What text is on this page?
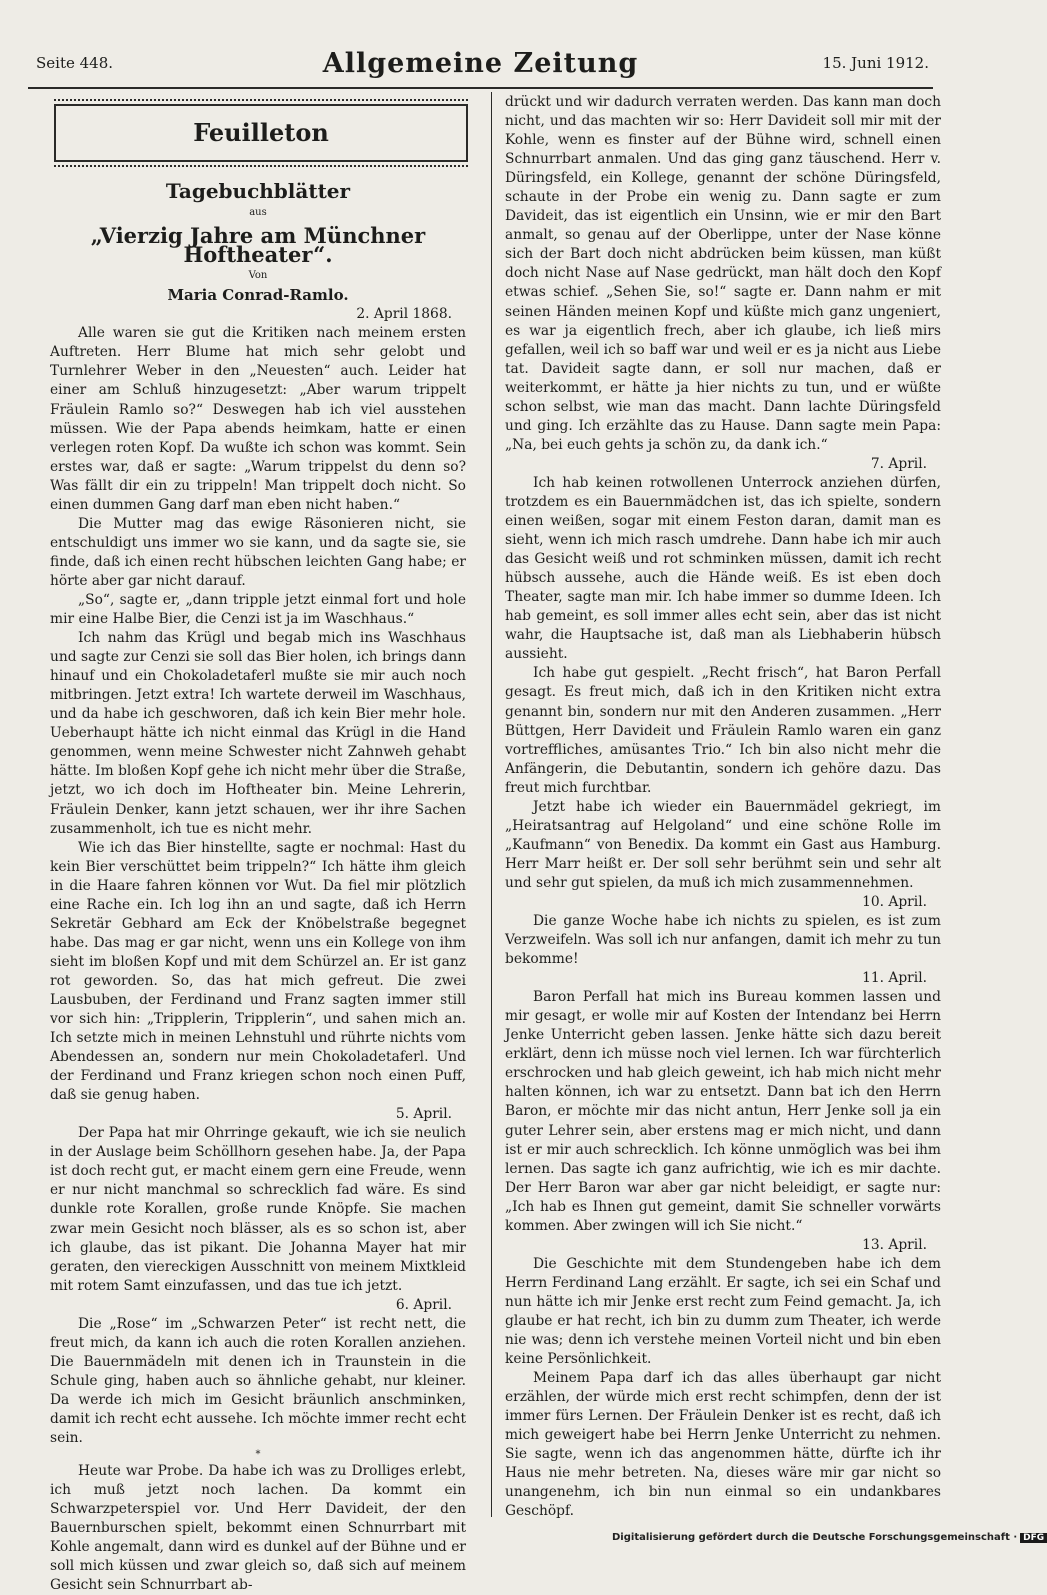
Seite 448.	Allgemeine Zeitung	15. Juni 1912.
Feuilleton
Tagebuchblätter
aus
„Vierzig Jahre am Münchner Hoftheater“.
Von
Maria Conrad-Ramlo.

2. April 1868.

Alle waren sie gut die Kritiken nach meinem ersten Auftreten. Herr Blume hat mich sehr gelobt und Turnlehrer Weber in den „Neuesten“ auch. Leider hat einer am Schluß hinzugesetzt: „Aber warum trippelt Fräulein Ramlo so?“ Deswegen hab ich viel ausstehen müssen. Wie der Papa abends heimkam, hatte er einen verlegen roten Kopf. Da wußte ich schon was kommt. Sein erstes war, daß er sagte: „Warum trippelst du denn so? Was fällt dir ein zu trippeln! Man trippelt doch nicht. So einen dummen Gang darf man eben nicht haben.“

Die Mutter mag das ewige Räsonieren nicht, sie entschuldigt uns immer wo sie kann, und da sagte sie, sie finde, daß ich einen recht hübschen leichten Gang habe; er hörte aber gar nicht darauf.

„So“, sagte er, „dann tripple jetzt einmal fort und hole mir eine Halbe Bier, die Cenzi ist ja im Waschhaus.“

Ich nahm das Krügl und begab mich ins Waschhaus und sagte zur Cenzi sie soll das Bier holen, ich brings dann hinauf und ein Chokoladetaferl mußte sie mir auch noch mitbringen. Jetzt extra! Ich wartete derweil im Waschhaus, und da habe ich geschworen, daß ich kein Bier mehr hole. Ueberhaupt hätte ich nicht einmal das Krügl in die Hand genommen, wenn meine Schwester nicht Zahnweh gehabt hätte. Im bloßen Kopf gehe ich nicht mehr über die Straße, jetzt, wo ich doch im Hoftheater bin. Meine Lehrerin, Fräulein Denker, kann jetzt schauen, wer ihr ihre Sachen zusammenholt, ich tue es nicht mehr.

Wie ich das Bier hinstellte, sagte er nochmal: Hast du kein Bier verschüttet beim trippeln?“ Ich hätte ihm gleich in die Haare fahren können vor Wut. Da fiel mir plötzlich eine Rache ein. Ich log ihn an und sagte, daß ich Herrn Sekretär Gebhard am Eck der Knöbelstraße begegnet habe. Das mag er gar nicht, wenn uns ein Kollege von ihm sieht im bloßen Kopf und mit dem Schürzel an. Er ist ganz rot geworden. So, das hat mich gefreut. Die zwei Lausbuben, der Ferdinand und Franz sagten immer still vor sich hin: „Tripplerin, Tripplerin“, und sahen mich an. Ich setzte mich in meinen Lehnstuhl und rührte nichts vom Abendessen an, sondern nur mein Chokoladetaferl. Und der Ferdinand und Franz kriegen schon noch einen Puff, daß sie genug haben.

5. April.

Der Papa hat mir Ohrringe gekauft, wie ich sie neulich in der Auslage beim Schöllhorn gesehen habe. Ja, der Papa ist doch recht gut, er macht einem gern eine Freude, wenn er nur nicht manchmal so schrecklich fad wäre. Es sind dunkle rote Korallen, große runde Knöpfe. Sie machen zwar mein Gesicht noch blässer, als es so schon ist, aber ich glaube, das ist pikant. Die Johanna Mayer hat mir geraten, den viereckigen Ausschnitt von meinem Mixtkleid mit rotem Samt einzufassen, und das tue ich jetzt.

6. April.

Die „Rose“ im „Schwarzen Peter“ ist recht nett, die freut mich, da kann ich auch die roten Korallen anziehen. Die Bauernmädeln mit denen ich in Traunstein in die Schule ging, haben auch so ähnliche gehabt, nur kleiner. Da werde ich mich im Gesicht bräunlich anschminken, damit ich recht echt aussehe. Ich möchte immer recht echt sein.

*

Heute war Probe. Da habe ich was zu Drolliges erlebt, ich muß jetzt noch lachen. Da kommt ein Schwarzpeterspiel vor. Und Herr Davideit, der den Bauernburschen spielt, bekommt einen Schnurrbart mit Kohle angemalt, dann wird es dunkel auf der Bühne und er soll mich küssen und zwar gleich so, daß sich auf meinem Gesicht sein Schnurrbart ab-

drückt und wir dadurch verraten werden. Das kann man doch nicht, und das machten wir so: Herr Davideit soll mir mit der Kohle, wenn es finster auf der Bühne wird, schnell einen Schnurrbart anmalen. Und das ging ganz täuschend. Herr v. Düringsfeld, ein Kollege, genannt der schöne Düringsfeld, schaute in der Probe ein wenig zu. Dann sagte er zum Davideit, das ist eigentlich ein Unsinn, wie er mir den Bart anmalt, so genau auf der Oberlippe, unter der Nase könne sich der Bart doch nicht abdrücken beim küssen, man küßt doch nicht Nase auf Nase gedrückt, man hält doch den Kopf etwas schief. „Sehen Sie, so!“ sagte er. Dann nahm er mit seinen Händen meinen Kopf und küßte mich ganz ungeniert, es war ja eigentlich frech, aber ich glaube, ich ließ mirs gefallen, weil ich so baff war und weil er es ja nicht aus Liebe tat. Davideit sagte dann, er soll nur machen, daß er weiterkommt, er hätte ja hier nichts zu tun, und er wüßte schon selbst, wie man das macht. Dann lachte Düringsfeld und ging. Ich erzählte das zu Hause. Dann sagte mein Papa: „Na, bei euch gehts ja schön zu, da dank ich.“

7. April.

Ich hab keinen rotwollenen Unterrock anziehen dürfen, trotzdem es ein Bauernmädchen ist, das ich spielte, sondern einen weißen, sogar mit einem Feston daran, damit man es sieht, wenn ich mich rasch umdrehe. Dann habe ich mir auch das Gesicht weiß und rot schminken müssen, damit ich recht hübsch aussehe, auch die Hände weiß. Es ist eben doch Theater, sagte man mir. Ich habe immer so dumme Ideen. Ich hab gemeint, es soll immer alles echt sein, aber das ist nicht wahr, die Hauptsache ist, daß man als Liebhaberin hübsch aussieht.

Ich habe gut gespielt. „Recht frisch“, hat Baron Perfall gesagt. Es freut mich, daß ich in den Kritiken nicht extra genannt bin, sondern nur mit den Anderen zusammen. „Herr Büttgen, Herr Davideit und Fräulein Ramlo waren ein ganz vortreffliches, amüsantes Trio.“ Ich bin also nicht mehr die Anfängerin, die Debutantin, sondern ich gehöre dazu. Das freut mich furchtbar.

Jetzt habe ich wieder ein Bauernmädel gekriegt, im „Heiratsantrag auf Helgoland“ und eine schöne Rolle im „Kaufmann“ von Benedix. Da kommt ein Gast aus Hamburg. Herr Marr heißt er. Der soll sehr berühmt sein und sehr alt und sehr gut spielen, da muß ich mich zusammennehmen.

10. April.

Die ganze Woche habe ich nichts zu spielen, es ist zum Verzweifeln. Was soll ich nur anfangen, damit ich mehr zu tun bekomme!

11. April.

Baron Perfall hat mich ins Bureau kommen lassen und mir gesagt, er wolle mir auf Kosten der Intendanz bei Herrn Jenke Unterricht geben lassen. Jenke hätte sich dazu bereit erklärt, denn ich müsse noch viel lernen. Ich war fürchterlich erschrocken und hab gleich geweint, ich hab mich nicht mehr halten können, ich war zu entsetzt. Dann bat ich den Herrn Baron, er möchte mir das nicht antun, Herr Jenke soll ja ein guter Lehrer sein, aber erstens mag er mich nicht, und dann ist er mir auch schrecklich. Ich könne unmöglich was bei ihm lernen. Das sagte ich ganz aufrichtig, wie ich es mir dachte. Der Herr Baron war aber gar nicht beleidigt, er sagte nur: „Ich hab es Ihnen gut gemeint, damit Sie schneller vorwärts kommen. Aber zwingen will ich Sie nicht.“

13. April.

Die Geschichte mit dem Stundengeben habe ich dem Herrn Ferdinand Lang erzählt. Er sagte, ich sei ein Schaf und nun hätte ich mir Jenke erst recht zum Feind gemacht. Ja, ich glaube er hat recht, ich bin zu dumm zum Theater, ich werde nie was; denn ich verstehe meinen Vorteil nicht und bin eben keine Persönlichkeit.

Meinem Papa darf ich das alles überhaupt gar nicht erzählen, der würde mich erst recht schimpfen, denn der ist immer fürs Lernen. Der Fräulein Denker ist es recht, daß ich mich geweigert habe bei Herrn Jenke Unterricht zu nehmen. Sie sagte, wenn ich das angenommen hätte, dürfte ich ihr Haus nie mehr betreten. Na, dieses wäre mir gar nicht so unangenehm, ich bin nun einmal so ein undankbares Geschöpf.

Digitalisierung gefördert durch die Deutsche Forschungsgemeinschaft · DFG
